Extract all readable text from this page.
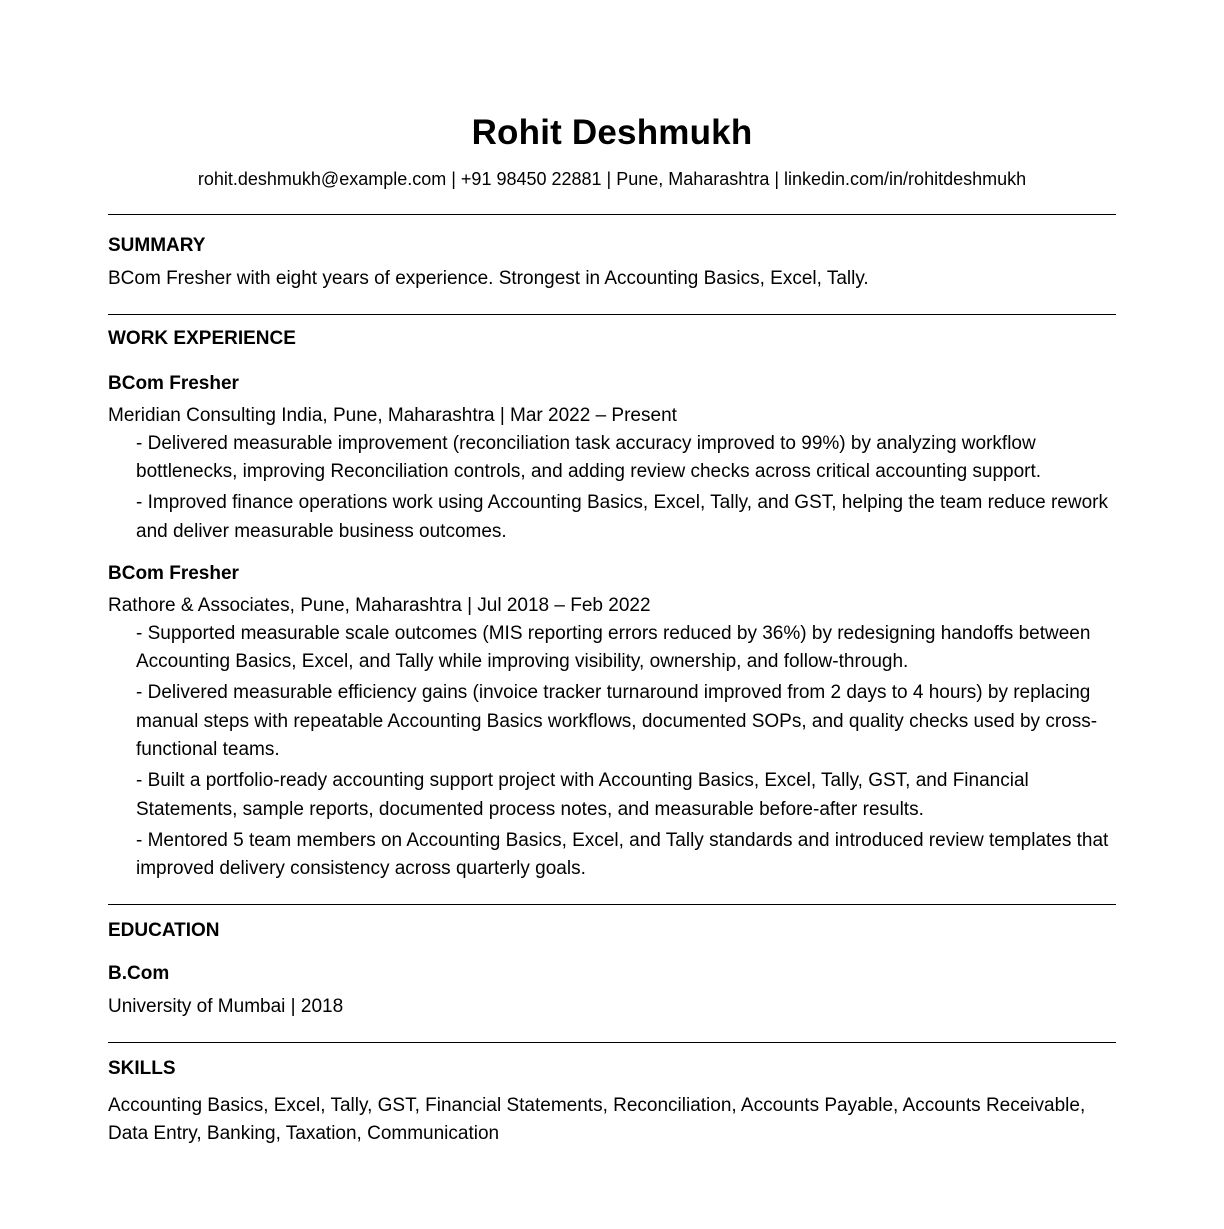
Rohit Deshmukh
rohit.deshmukh@example.com | +91 98450 22881 | Pune, Maharashtra | linkedin.com/in/rohitdeshmukh
SUMMARY
BCom Fresher with eight years of experience. Strongest in Accounting Basics, Excel, Tally.
WORK EXPERIENCE
BCom Fresher
Meridian Consulting India, Pune, Maharashtra | Mar 2022 – Present
- Delivered measurable improvement (reconciliation task accuracy improved to 99%) by analyzing workflow bottlenecks, improving Reconciliation controls, and adding review checks across critical accounting support.
- Improved finance operations work using Accounting Basics, Excel, Tally, and GST, helping the team reduce rework and deliver measurable business outcomes.
BCom Fresher
Rathore & Associates, Pune, Maharashtra | Jul 2018 – Feb 2022
- Supported measurable scale outcomes (MIS reporting errors reduced by 36%) by redesigning handoffs between Accounting Basics, Excel, and Tally while improving visibility, ownership, and follow-through.
- Delivered measurable efficiency gains (invoice tracker turnaround improved from 2 days to 4 hours) by replacing manual steps with repeatable Accounting Basics workflows, documented SOPs, and quality checks used by cross-functional teams.
- Built a portfolio-ready accounting support project with Accounting Basics, Excel, Tally, GST, and Financial Statements, sample reports, documented process notes, and measurable before-after results.
- Mentored 5 team members on Accounting Basics, Excel, and Tally standards and introduced review templates that improved delivery consistency across quarterly goals.
EDUCATION
B.Com
University of Mumbai | 2018
SKILLS
Accounting Basics, Excel, Tally, GST, Financial Statements, Reconciliation, Accounts Payable, Accounts Receivable, Data Entry, Banking, Taxation, Communication
